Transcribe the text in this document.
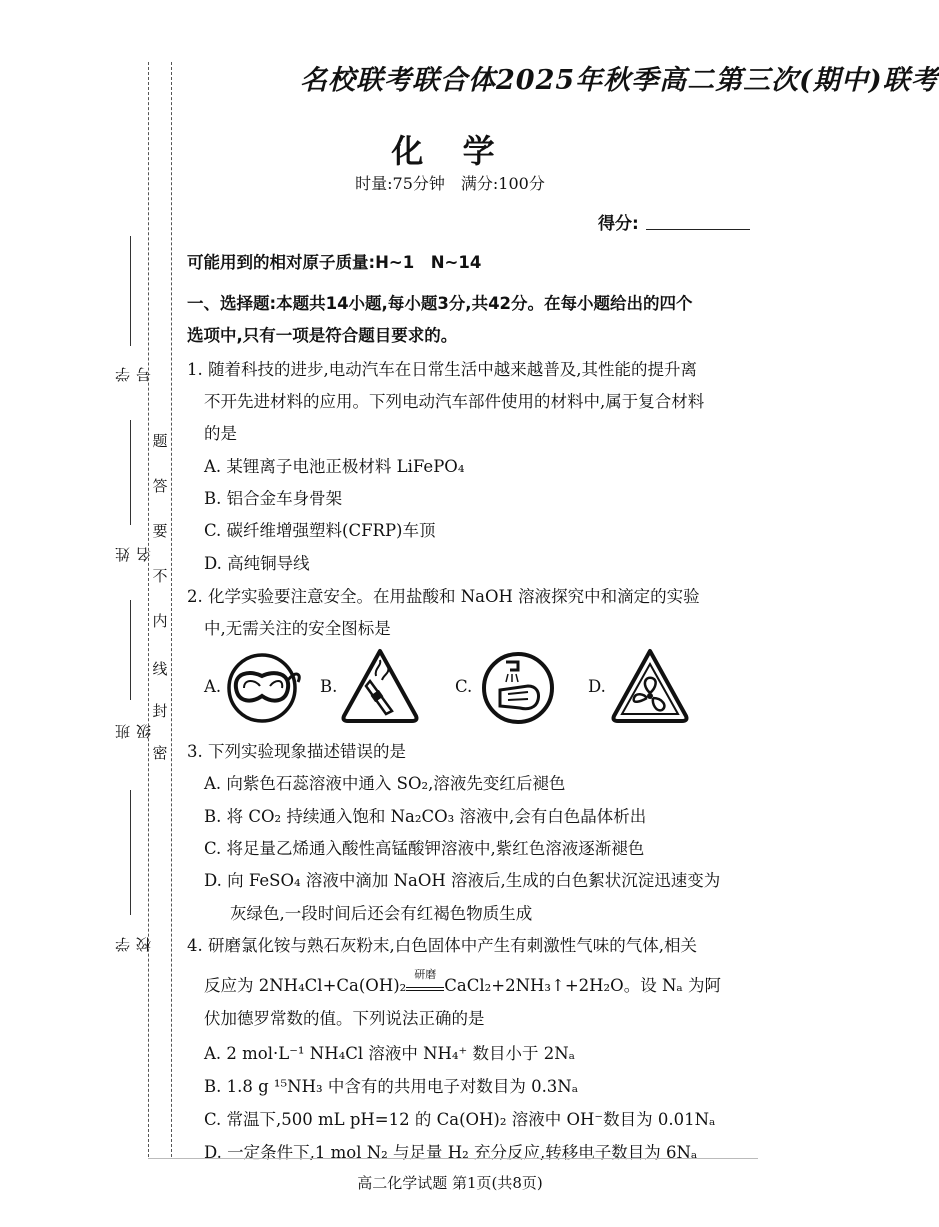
学　号
姓　名
班　级
学　校
密
封
线
内
不
要
答
题
名校联考联合体2025年秋季高二第三次(期中)联考
化 学
时量:75分钟　满分:100分
得分:
可能用到的相对原子质量:H~1　N~14
一、选择题:本题共14小题,每小题3分,共42分。在每小题给出的四个
选项中,只有一项是符合题目要求的。
1. 随着科技的进步,电动汽车在日常生活中越来越普及,其性能的提升离
不开先进材料的应用。下列电动汽车部件使用的材料中,属于复合材料
的是
A. 某锂离子电池正极材料 LiFePO₄
B. 铝合金车身骨架
C. 碳纤维增强塑料(CFRP)车顶
D. 高纯铜导线
2. 化学实验要注意安全。在用盐酸和 NaOH 溶液探究中和滴定的实验
中,无需关注的安全图标是
3. 下列实验现象描述错误的是
A. 向紫色石蕊溶液中通入 SO₂,溶液先变红后褪色
B. 将 CO₂ 持续通入饱和 Na₂CO₃ 溶液中,会有白色晶体析出
C. 将足量乙烯通入酸性高锰酸钾溶液中,紫红色溶液逐渐褪色
D. 向 FeSO₄ 溶液中滴加 NaOH 溶液后,生成的白色絮状沉淀迅速变为
灰绿色,一段时间后还会有红褐色物质生成
4. 研磨氯化铵与熟石灰粉末,白色固体中产生有刺激性气味的气体,相关
反应为 2NH₄Cl+Ca(OH)₂
研磨
CaCl₂+2NH₃↑+2H₂O。设 Nₐ 为阿
伏加德罗常数的值。下列说法正确的是
A. 2 mol·L⁻¹ NH₄Cl 溶液中 NH₄⁺ 数目小于 2Nₐ
B. 1.8 g ¹⁵NH₃ 中含有的共用电子对数目为 0.3Nₐ
C. 常温下,500 mL pH=12 的 Ca(OH)₂ 溶液中 OH⁻数目为 0.01Nₐ
D. 一定条件下,1 mol N₂ 与足量 H₂ 充分反应,转移电子数目为 6Nₐ
A.	B.	C.	D.
高二化学试题 第1页(共8页)
